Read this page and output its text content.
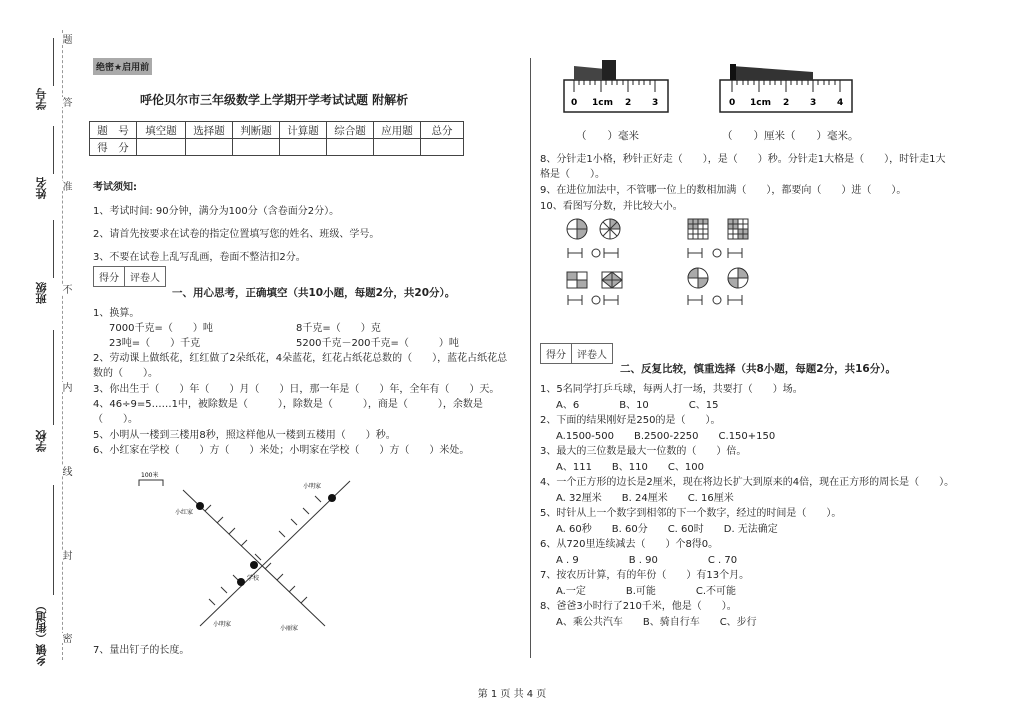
学号
姓名
班级
学校
乡镇（街道）
题
答
准
不
内
线
封
密
绝密★启用前
呼伦贝尔市三年级数学上学期开学考试试题 附解析
题　号	填空题	选择题	判断题	计算题	综合题	应用题	总分
得　分							
考试须知:
1、考试时间: 90分钟，满分为100分（含卷面分2分）。
2、请首先按要求在试卷的指定位置填写您的姓名、班级、学号。
3、不要在试卷上乱写乱画，卷面不整洁扣2分。
得分	评卷人
一、用心思考，正确填空（共10小题，每题2分，共20分）。
1、换算。
7000千克=（　　）吨	8千克=（　　）克
23吨=（　　）千克	5200千克－200千克=（　　　）吨
2、劳动课上做纸花，红红做了2朵纸花，4朵蓝花，红花占纸花总数的（　　），蓝花占纸花总
数的（　　）。
3、你出生于（　　）年（　　）月（　　）日，那一年是（　　）年，全年有（　　）天。
4、46÷9=5……1中，被除数是（　　　），除数是（　　　），商是（　　　），余数是
（　　）。
5、小明从一楼到三楼用8秒，照这样他从一楼到五楼用（　　）秒。
6、小红家在学校（　　）方（　　）米处；小明家在学校（　　）方（　　）米处。
100米
小红家
小明家
学校
小明家
小丽家
7、量出钉子的长度。
0 1cm 2 3	0 1cm 2 3 4
（　　）毫米	（　　）厘米（　　）毫米。
8、分针走1小格，秒针正好走（　　），是（　　）秒。分针走1大格是（　　），时针走1大
格是（　　）。
9、在进位加法中，不管哪一位上的数相加满（　　），都要向（　　）进（　　）。
10、看图写分数，并比较大小。
得分	评卷人
二、反复比较，慎重选择（共8小题，每题2分，共16分）。
1、5名同学打乒乓球，每两人打一场，共要打（　　）场。
A、6　　　　B、10　　　　C、15
2、下面的结果刚好是250的是（　　）。
A.1500-500　　B.2500-2250　　C.150+150
3、最大的三位数是最大一位数的（　　）倍。
A、111　　B、110　　C、100
4、一个正方形的边长是2厘米，现在将边长扩大到原来的4倍，现在正方形的周长是（　　）。
A. 32厘米　　B. 24厘米　　C. 16厘米
5、时针从上一个数字到相邻的下一个数字，经过的时间是（　　）。
A. 60秒　　B. 60分　　C. 60时　　D. 无法确定
6、从720里连续减去（　　）个8得0。
A . 9　　　　　B . 90　　　　　C . 70
7、按农历计算，有的年份（　　）有13个月。
A.一定　　　　B.可能　　　　C.不可能
8、爸爸3小时行了210千米，他是（　　）。
A、乘公共汽车　　B、骑自行车　　C、步行
第 1 页 共 4 页
